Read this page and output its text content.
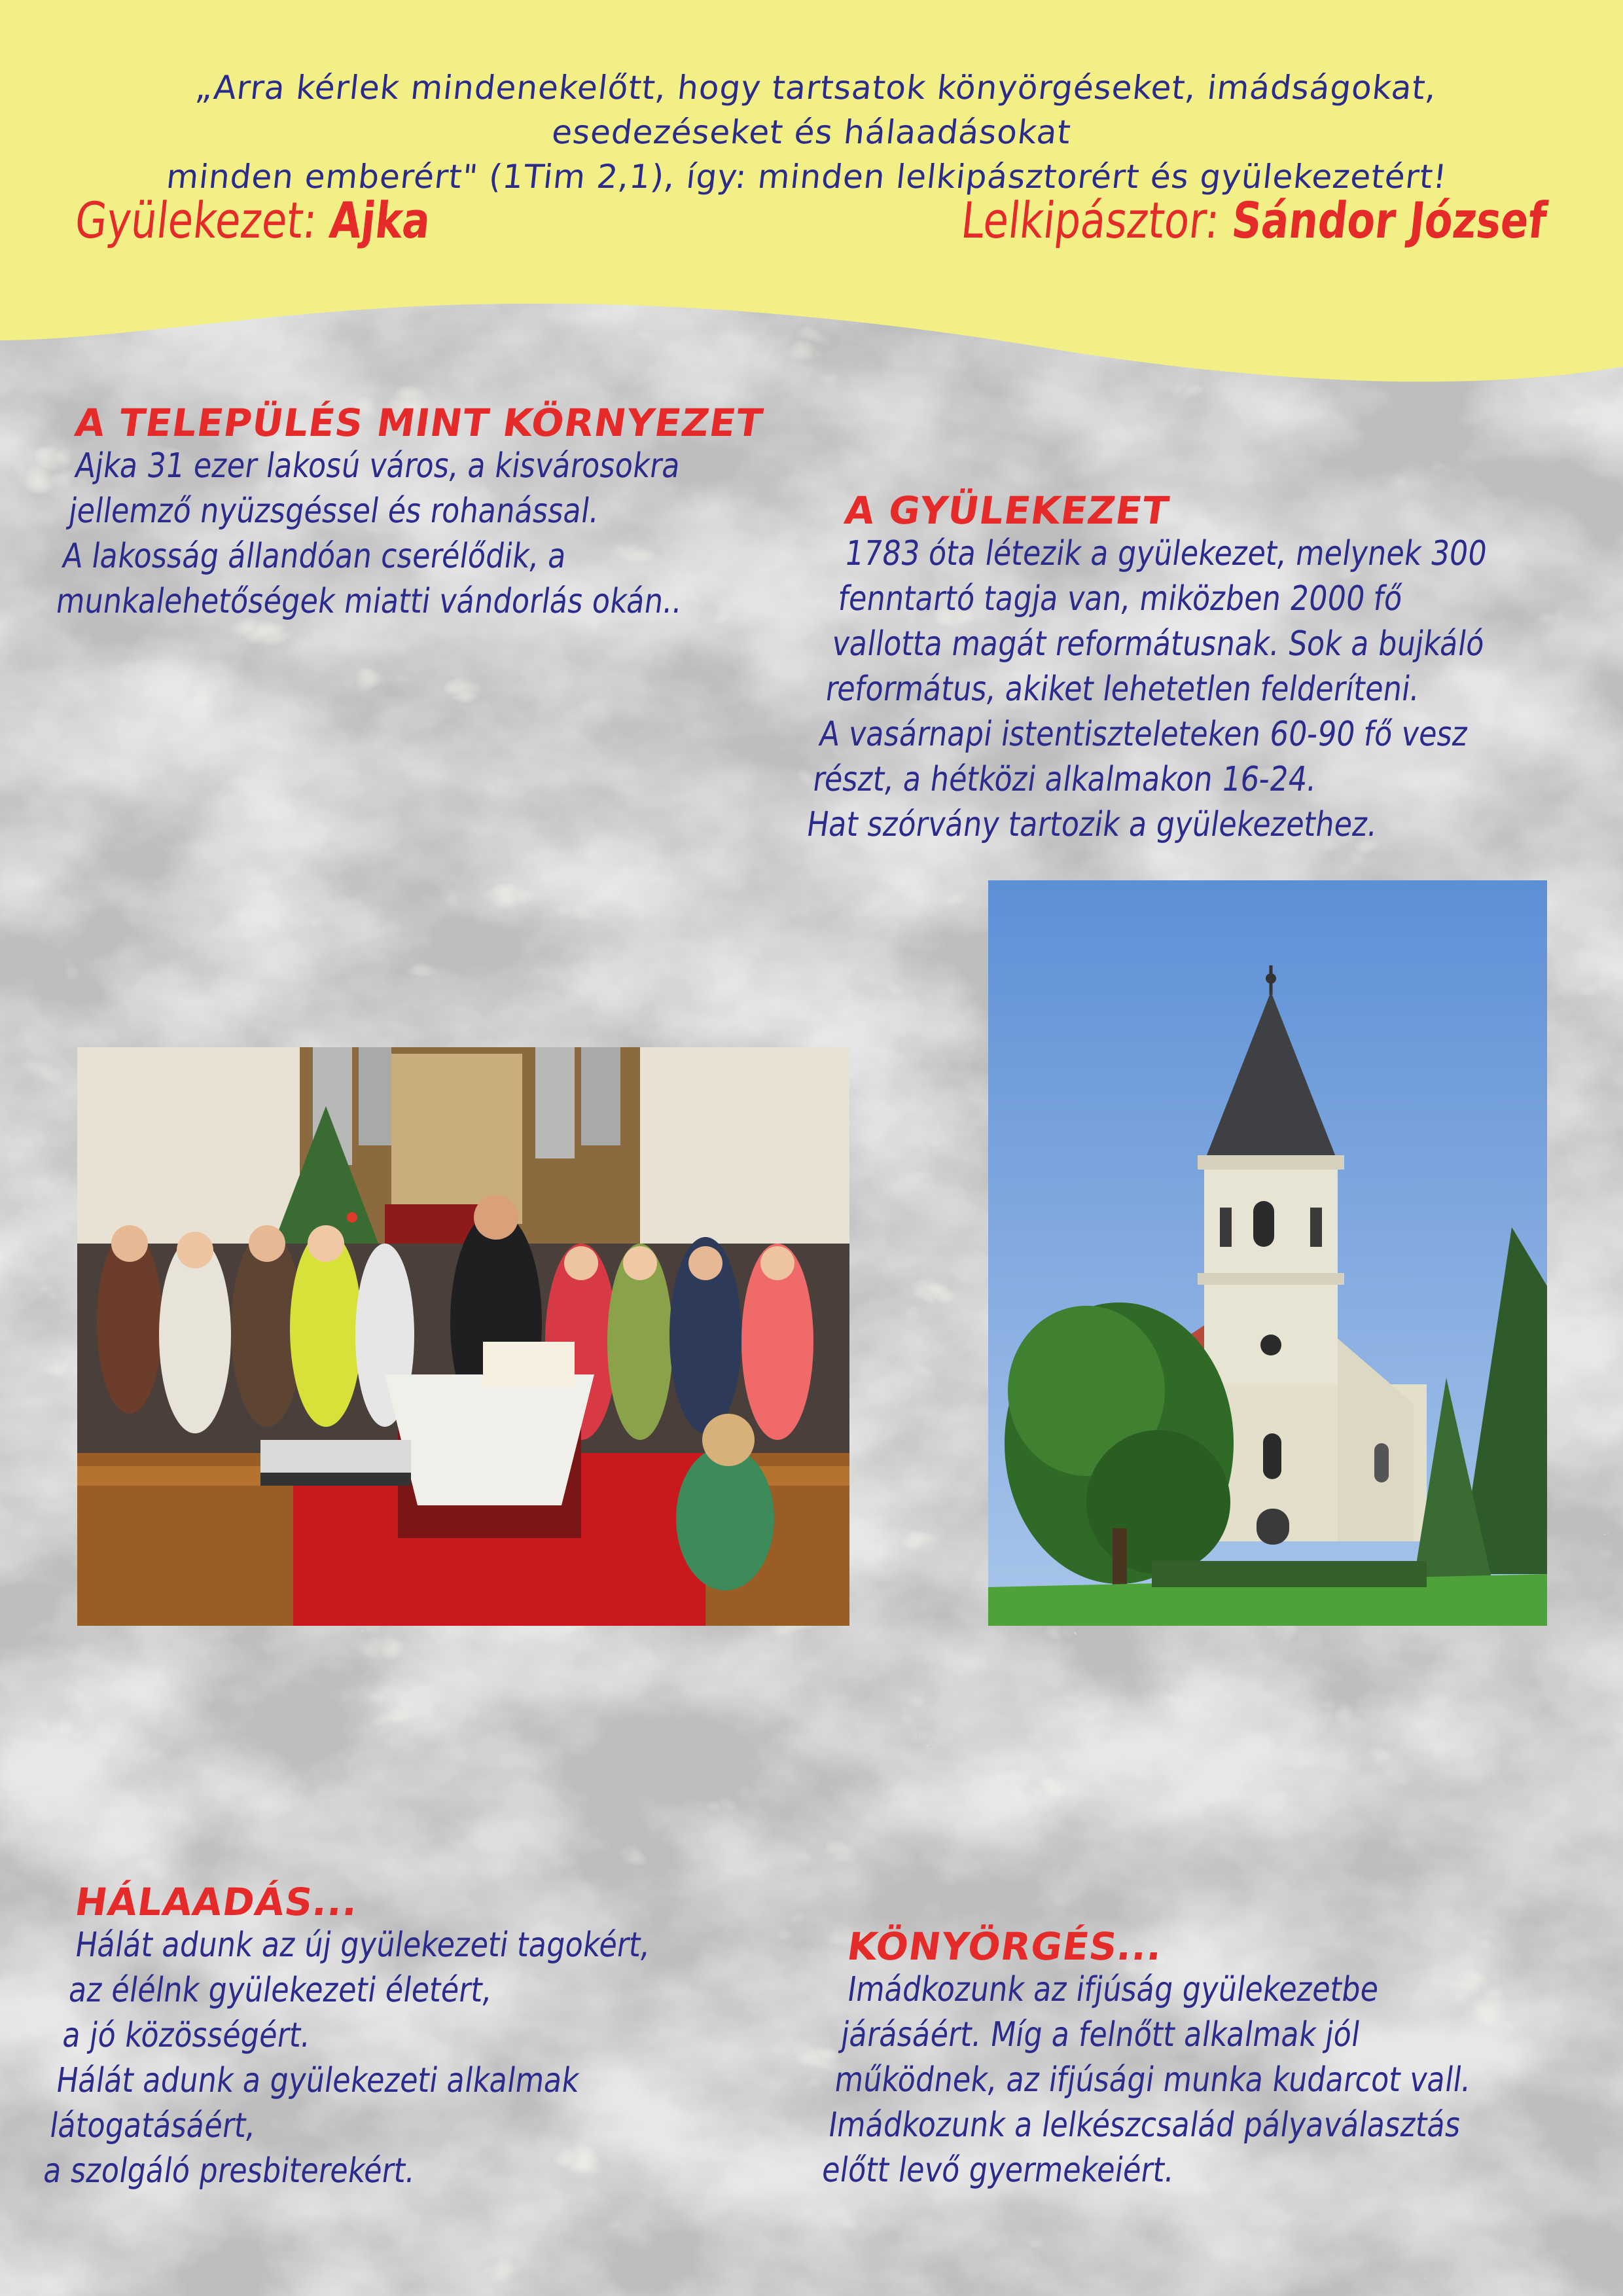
„Arra kérlek mindenekelőtt, hogy tartsatok könyörgéseket, imádságokat, esedezéseket és hálaadásokat
minden emberért" (1Tim 2,1), így: minden lelkipásztorért és gyülekezetért!
Gyülekezet: Ajka	Lelkipásztor: Sándor József
A TELEPÜLÉS MINT KÖRNYEZET
Ajka 31 ezer lakosú város, a kisvárosokra
jellemző nyüzsgéssel és rohanással.
A lakosság állandóan cserélődik, a
munkalehetőségek miatti vándorlás okán..
A GYÜLEKEZET
1783 óta létezik a gyülekezet, melynek 300
fenntartó tagja van, miközben 2000 fő
vallotta magát reformátusnak. Sok a bujkáló
református, akiket lehetetlen felderíteni.
A vasárnapi istentiszteleteken 60-90 fő vesz
részt, a hétközi alkalmakon 16-24.
Hat szórvány tartozik a gyülekezethez.
HÁLAADÁS...
Hálát adunk az új gyülekezeti tagokért,
az élélnk gyülekezeti életért,
a jó közösségért.
Hálát adunk a gyülekezeti alkalmak
látogatásáért,
a szolgáló presbiterekért.
KÖNYÖRGÉS...
Imádkozunk az ifjúság gyülekezetbe
járásáért. Míg a felnőtt alkalmak jól
működnek, az ifjúsági munka kudarcot vall.
Imádkozunk a lelkészcsalád pályaválasztás
előtt levő gyermekeiért.
